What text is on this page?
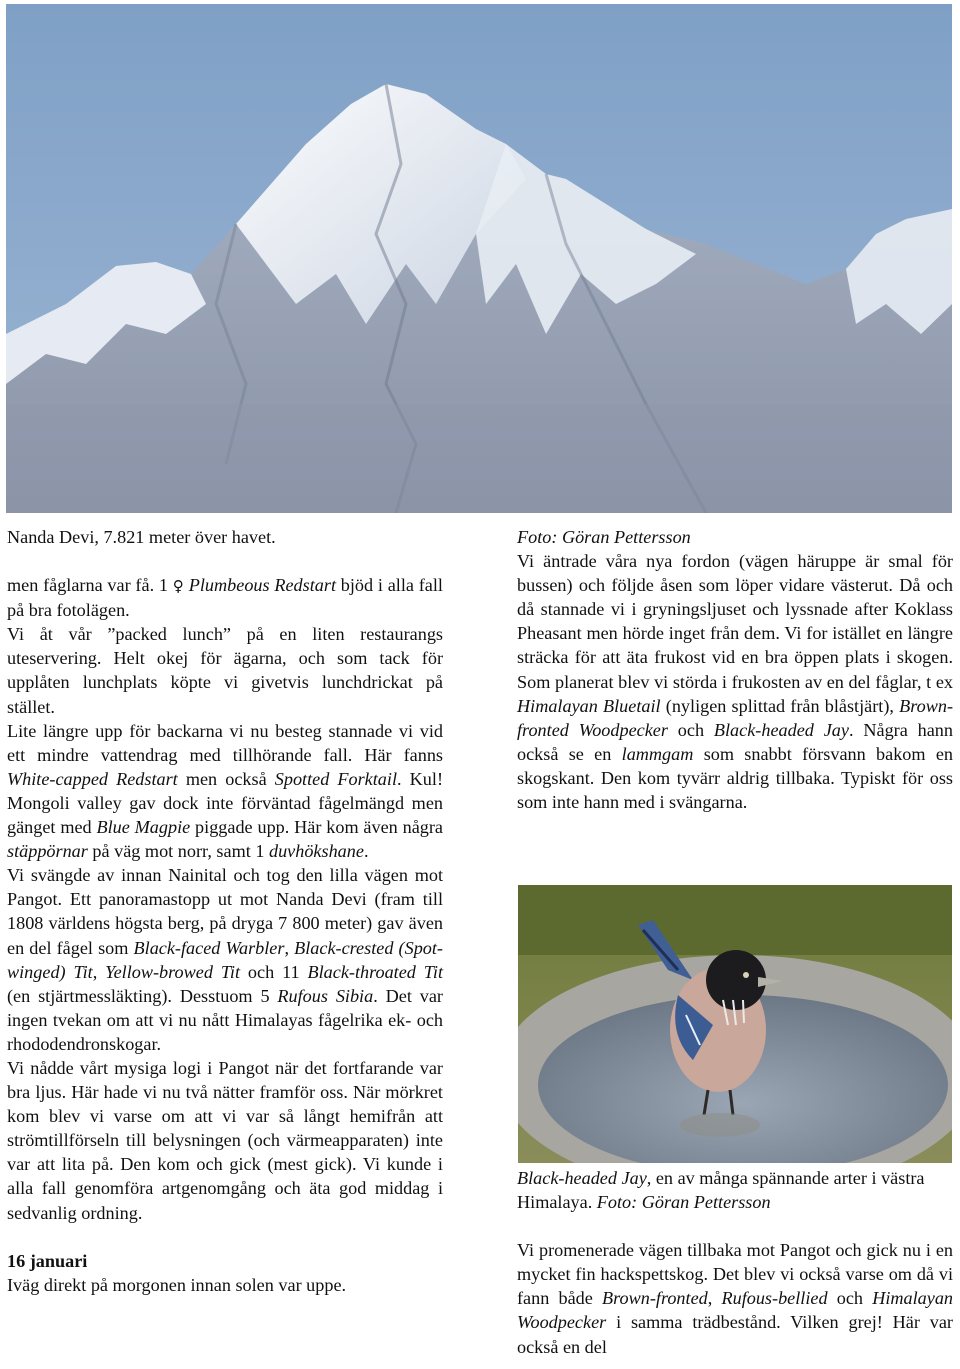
Nanda Devi, 7.821 meter över havet.

men fåglarna var få. 1 ♀ Plumbeous Redstart bjöd i alla fall på bra fotolägen.

Vi åt vår ”packed lunch” på en liten restaurangs uteservering. Helt okej för ägarna, och som tack för upplåten lunchplats köpte vi givetvis lunchdrickat på stället.

Lite längre upp för backarna vi nu besteg stannade vi vid ett mindre vattendrag med tillhörande fall. Här fanns White-capped Redstart men också Spotted Forktail. Kul! Mongoli valley gav dock inte förväntad fågelmängd men gänget med Blue Magpie piggade upp. Här kom även några stäppörnar på väg mot norr, samt 1 duvhökshane.

Vi svängde av innan Nainital och tog den lilla vägen mot Pangot. Ett panoramastopp ut mot Nanda Devi (fram till 1808 världens högsta berg, på dryga 7 800 meter) gav även en del fågel som Black-faced Warbler, Black-crested (Spot-winged) Tit, Yellow-browed Tit och 11 Black-throated Tit (en stjärtmessläkting). Desstuom 5 Rufous Sibia. Det var ingen tvekan om att vi nu nått Himalayas fågelrika ek- och rhododendronskogar.

Vi nådde vårt mysiga logi i Pangot när det fortfarande var bra ljus. Här hade vi nu två nätter framför oss. När mörkret kom blev vi varse om att vi var så långt hemifrån att strömtillförseln till belysningen (och värmeapparaten) inte var att lita på. Den kom och gick (mest gick). Vi kunde i alla fall genomföra artgenomgång och äta god middag i sedvanlig ordning.

16 januari

Iväg direkt på morgonen innan solen var uppe.

Foto: Göran Pettersson

Vi äntrade våra nya fordon (vägen häruppe är smal för bussen) och följde åsen som löper vidare västerut. Då och då stannade vi i gryningsljuset och lyssnade after Koklass Pheasant men hörde inget från dem. Vi for istället en längre sträcka för att äta frukost vid en bra öppen plats i skogen. Som planerat blev vi störda i frukosten av en del fåglar, t ex Himalayan Bluetail (nyligen splittad från blåstjärt), Brown-fronted Woodpecker och Black-headed Jay. Några hann också se en lammgam som snabbt försvann bakom en skogskant. Den kom tyvärr aldrig tillbaka. Typiskt för oss som inte hann med i svängarna.

Black-headed Jay, en av många spännande arter i västra Himalaya. Foto: Göran Pettersson

Vi promenerade vägen tillbaka mot Pangot och gick nu i en mycket fin hackspettskog. Det blev vi också varse om då vi fann både Brown-fronted, Rufous-bellied och Himalayan Woodpecker i samma trädbestånd. Vilken grej! Här var också en del
